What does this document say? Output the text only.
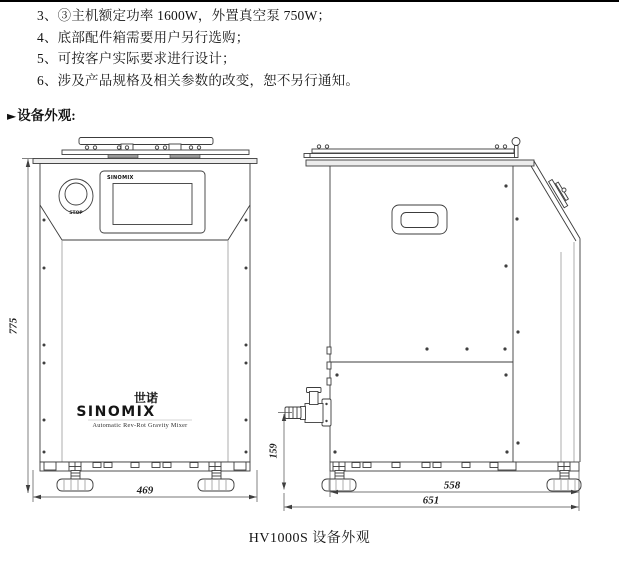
3、③主机额定功率 1600W，外置真空泵 750W；
4、底部配件箱需要用户另行选购；
5、可按客户实际要求进行设计；
6、涉及产品规格及相关参数的改变，恕不另行通知。
►设备外观:
SINOMIX
STOP
世诺
SINOMIX
Automatic Rev-Rot Gravity Mixer
775
469
159
558
651
HV1000S 设备外观
